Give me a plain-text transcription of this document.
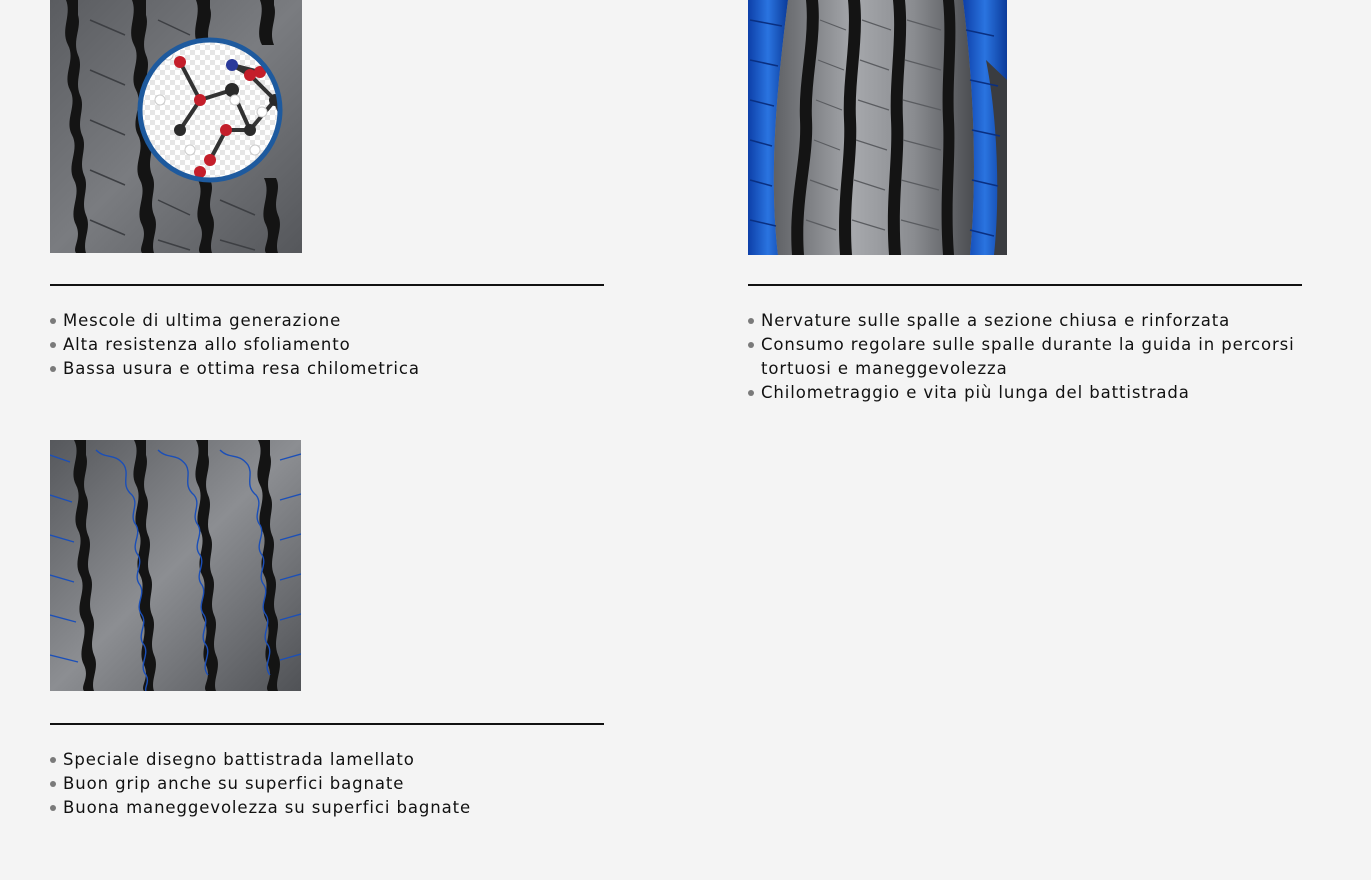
Mescole di ultima generazione
Alta resistenza allo sfoliamento
Bassa usura e ottima resa chilometrica
Nervature sulle spalle a sezione chiusa e rinforzata
Consumo regolare sulle spalle durante la guida in percorsi tortuosi e maneggevolezza
Chilometraggio e vita più lunga del battistrada
Speciale disegno battistrada lamellato
Buon grip anche su superfici bagnate
Buona maneggevolezza su superfici bagnate
